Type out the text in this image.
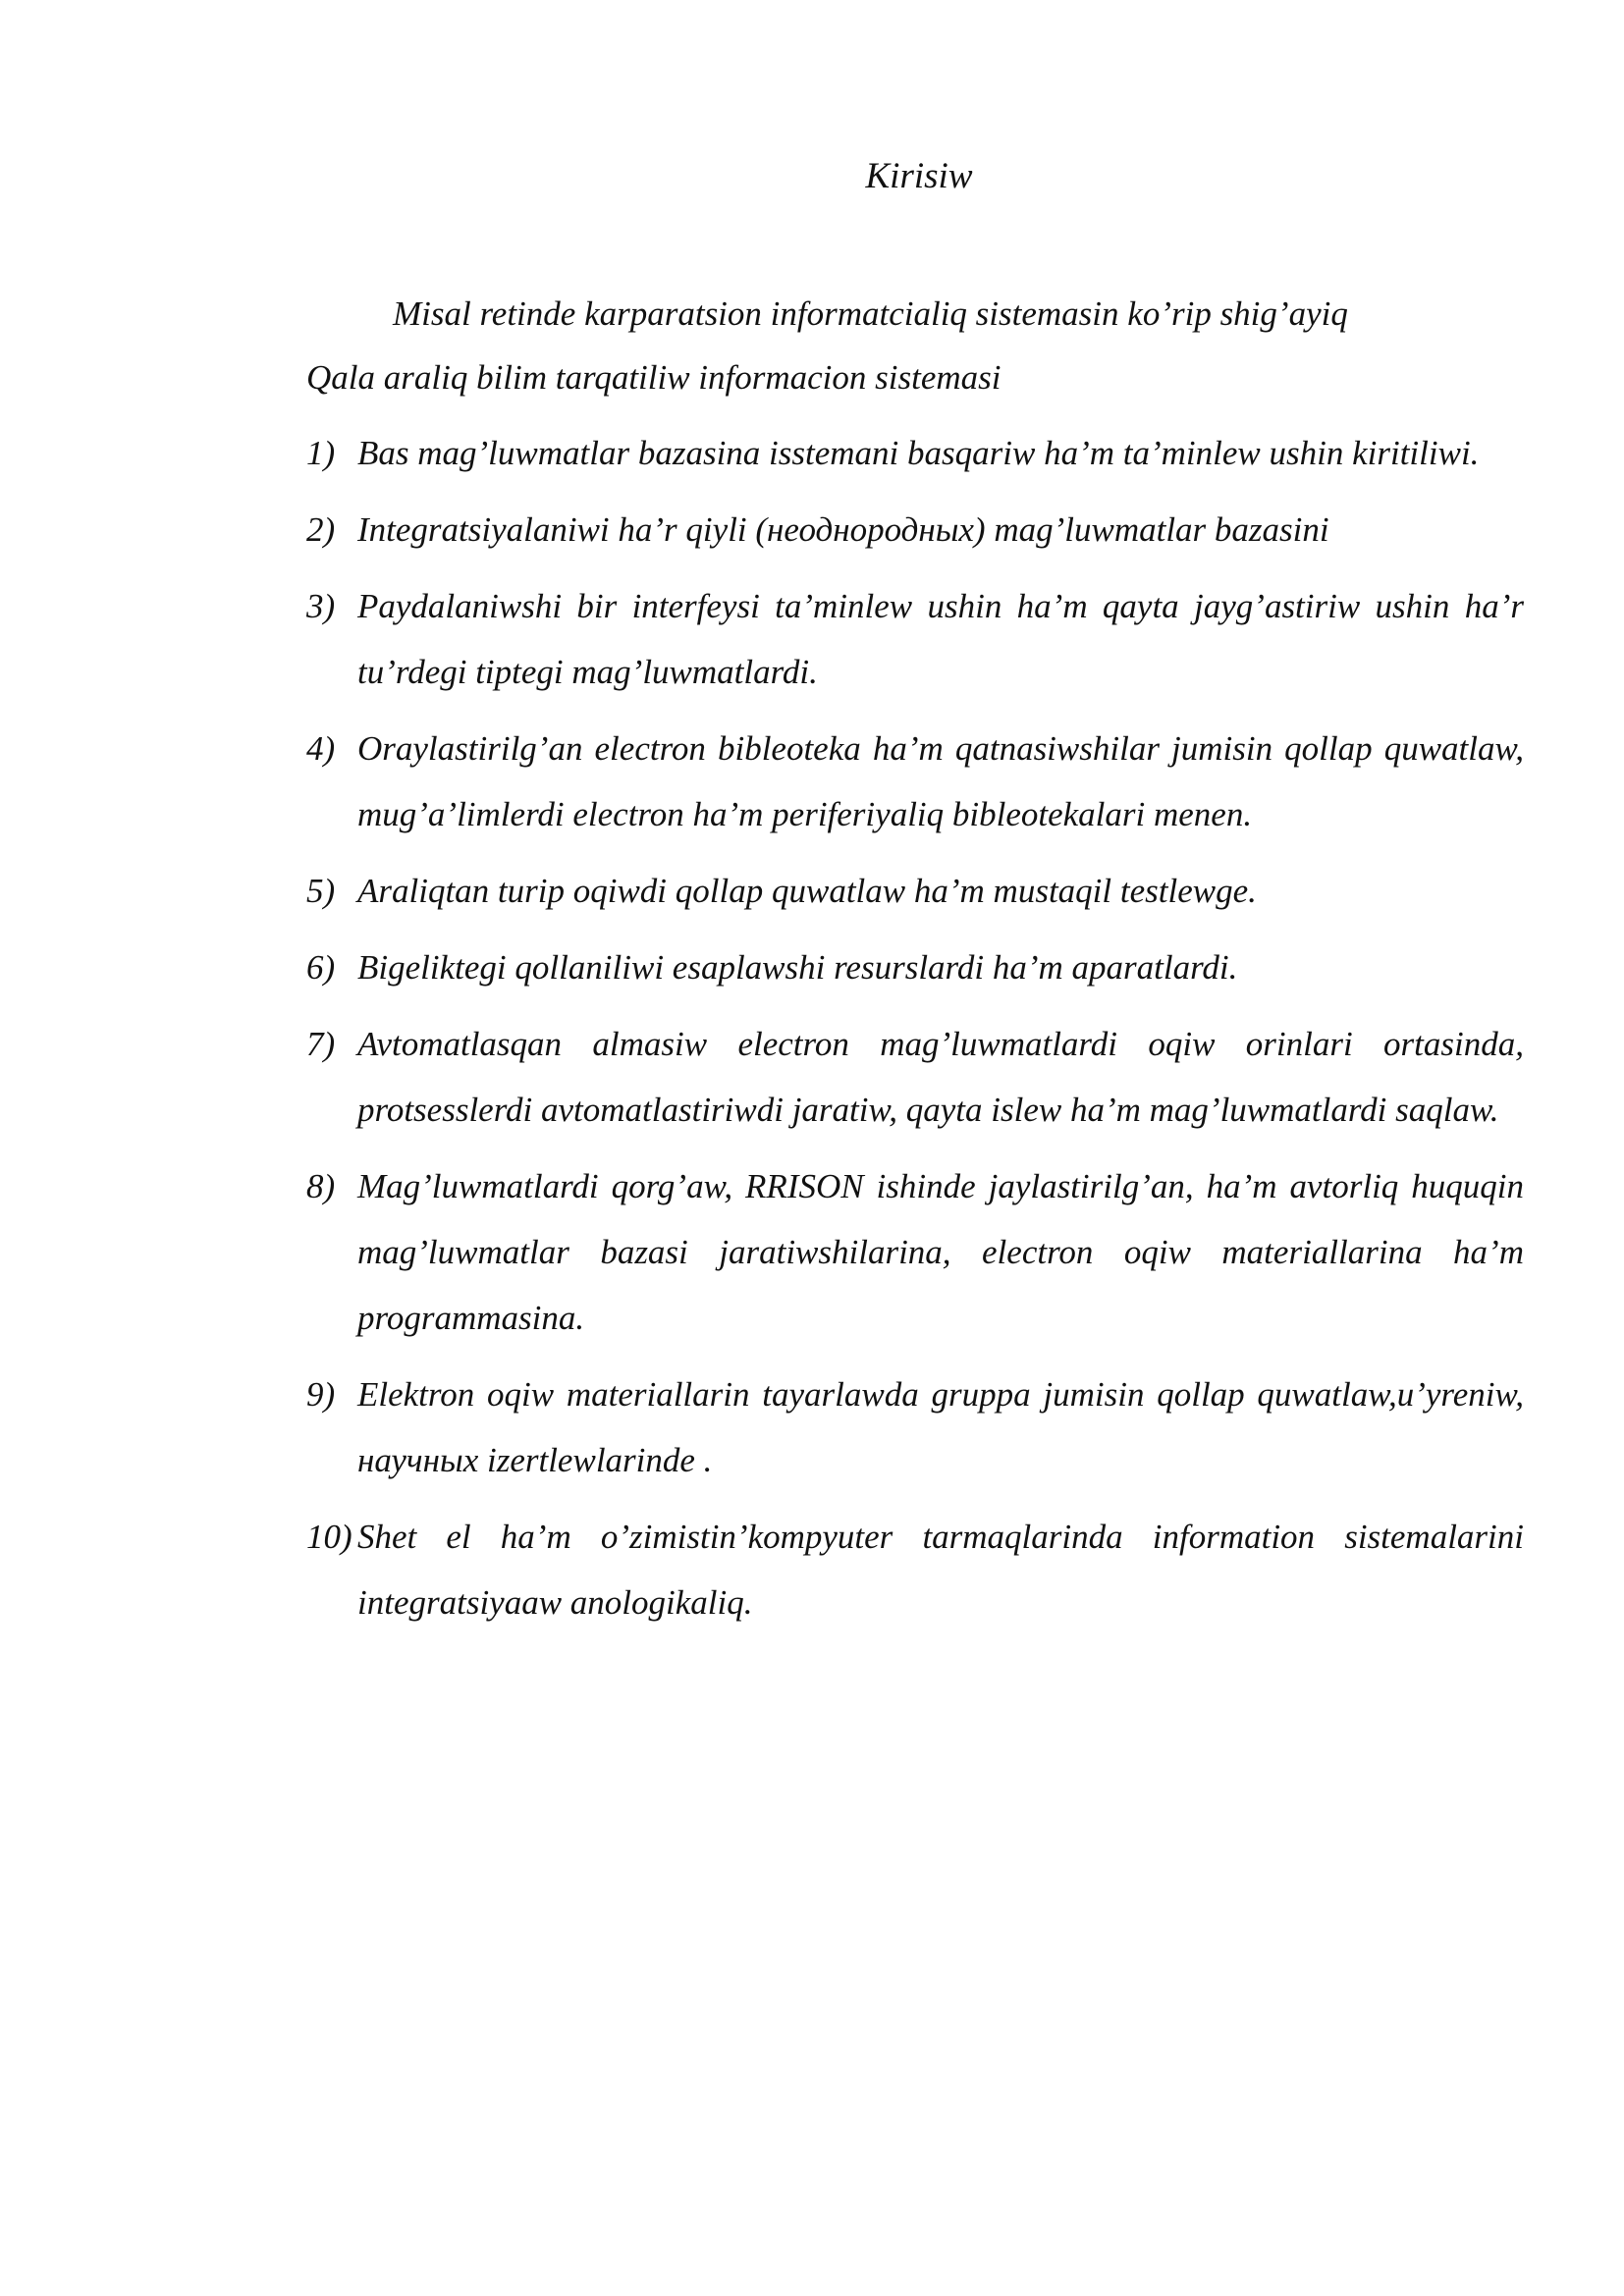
Kirisiw
Misal retinde karparatsion informatcialiq sistemasin ko’rip shig’ayiq
Qala araliq bilim tarqatiliw informacion sistemasi
1) Bas mag’luwmatlar bazasina isstemani basqariw ha’m ta’minlew ushin kiritiliwi.
2) Integratsiyalaniwi ha’r qiyli (неоднородных) mag’luwmatlar bazasini
3) Paydalaniwshi bir interfeysi ta’minlew ushin ha’m qayta jayg’astiriw ushin ha’r tu’rdegi tiptegi mag’luwmatlardi.
4) Oraylastirilg’an electron bibleoteka ha’m qatnasiwshilar jumisin qollap quwatlaw, mug’a’limlerdi electron ha’m periferiyaliq bibleotekalari menen.
5) Araliqtan turip oqiwdi qollap quwatlaw ha’m mustaqil testlewge.
6) Bigeliktegi qollaniliwi esaplawshi resurslardi ha’m aparatlardi.
7) Avtomatlasqan almasiw electron mag’luwmatlardi oqiw orinlari ortasinda, protsesslerdi avtomatlastiriwdi jaratiw, qayta islew ha’m mag’luwmatlardi saqlaw.
8) Mag’luwmatlardi qorg’aw, RRISON ishinde jaylastirilg’an, ha’m avtorliq huquqin mag’luwmatlar bazasi jaratiwshilarina, electron oqiw materiallarina ha’m programmasina.
9) Elektron oqiw materiallarin tayarlawda gruppa jumisin qollap quwatlaw,u’yreniw, научных izertlewlarinde .
10) Shet el ha’m o’zimistin’kompyuter tarmaqlarinda information sistemalarini integratsiyaaw anologikaliq.
